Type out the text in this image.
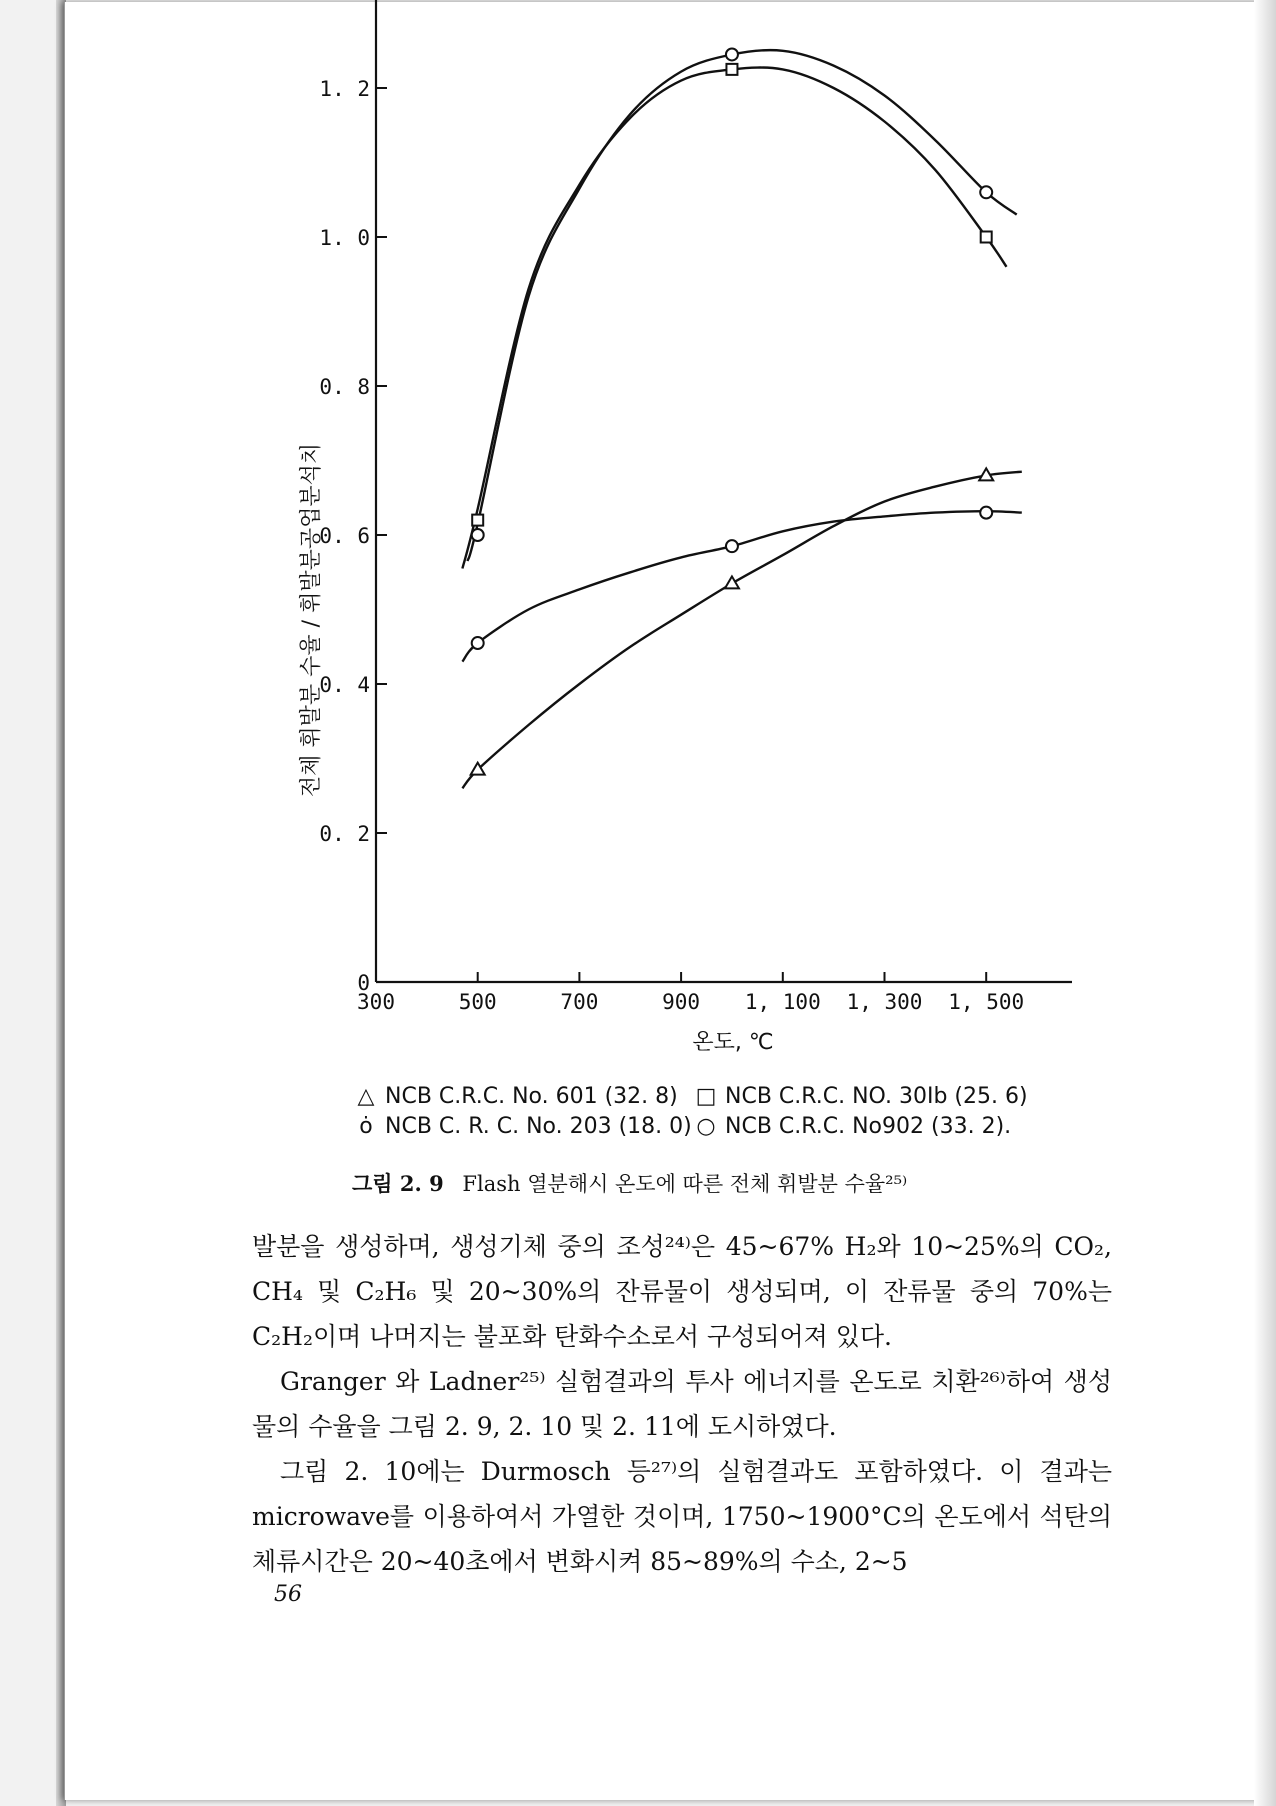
0
0. 2
0. 4
0. 6
0. 8
1. 0
1. 2
300	500	700	900 1, 100 1, 300 1, 500
온도, ℃
전체 휘발분 수율 / 휘발분공업분석치
△ NCB C.R.C. No. 601 (32. 8) □ NCB C.R.C. NO. 30Ib (25. 6)
ȯ NCB C. R. C. No. 203 (18. 0) ○ NCB C.R.C. No902 (33. 2).
그림 2. 9 Flash 열분해시 온도에 따른 전체 휘발분 수율²⁵⁾

발분을 생성하며, 생성기체 중의 조성²⁴⁾은 45~67% H₂와 10~25%의 CO₂, CH₄ 및 C₂H₆ 및 20~30%의 잔류물이 생성되며, 이 잔류물 중의 70%는 C₂H₂이며 나머지는 불포화 탄화수소로서 구성되어져 있다.

Granger 와 Ladner²⁵⁾ 실험결과의 투사 에너지를 온도로 치환²⁶⁾하여 생성물의 수율을 그림 2. 9, 2. 10 및 2. 11에 도시하였다.

그림 2. 10에는 Durmosch 등²⁷⁾의 실험결과도 포함하였다. 이 결과는 microwave를 이용하여서 가열한 것이며, 1750~1900°C의 온도에서 석탄의 체류시간은 20~40초에서 변화시켜 85~89%의 수소, 2~5

56
